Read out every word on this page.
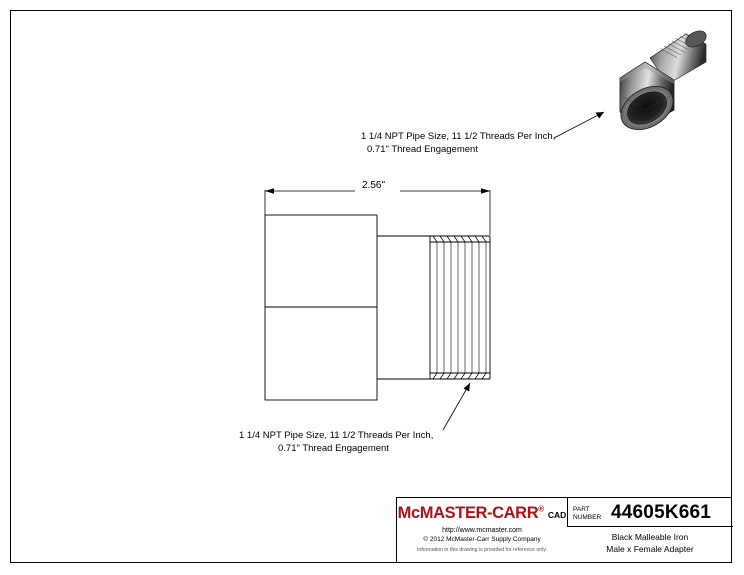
2.56"
1 1/4 NPT Pipe Size, 11 1/2 Threads Per Inch,
0.71" Thread Engagement
1 1/4 NPT Pipe Size, 11 1/2 Threads Per Inch,
0.71" Thread Engagement
McMASTER-CARR® CAD
http://www.mcmaster.com
© 2012 McMaster-Carr Supply Company
Information in this drawing is provided for reference only.
PART
NUMBER 44605K661
Black Malleable Iron
Male x Female Adapter
